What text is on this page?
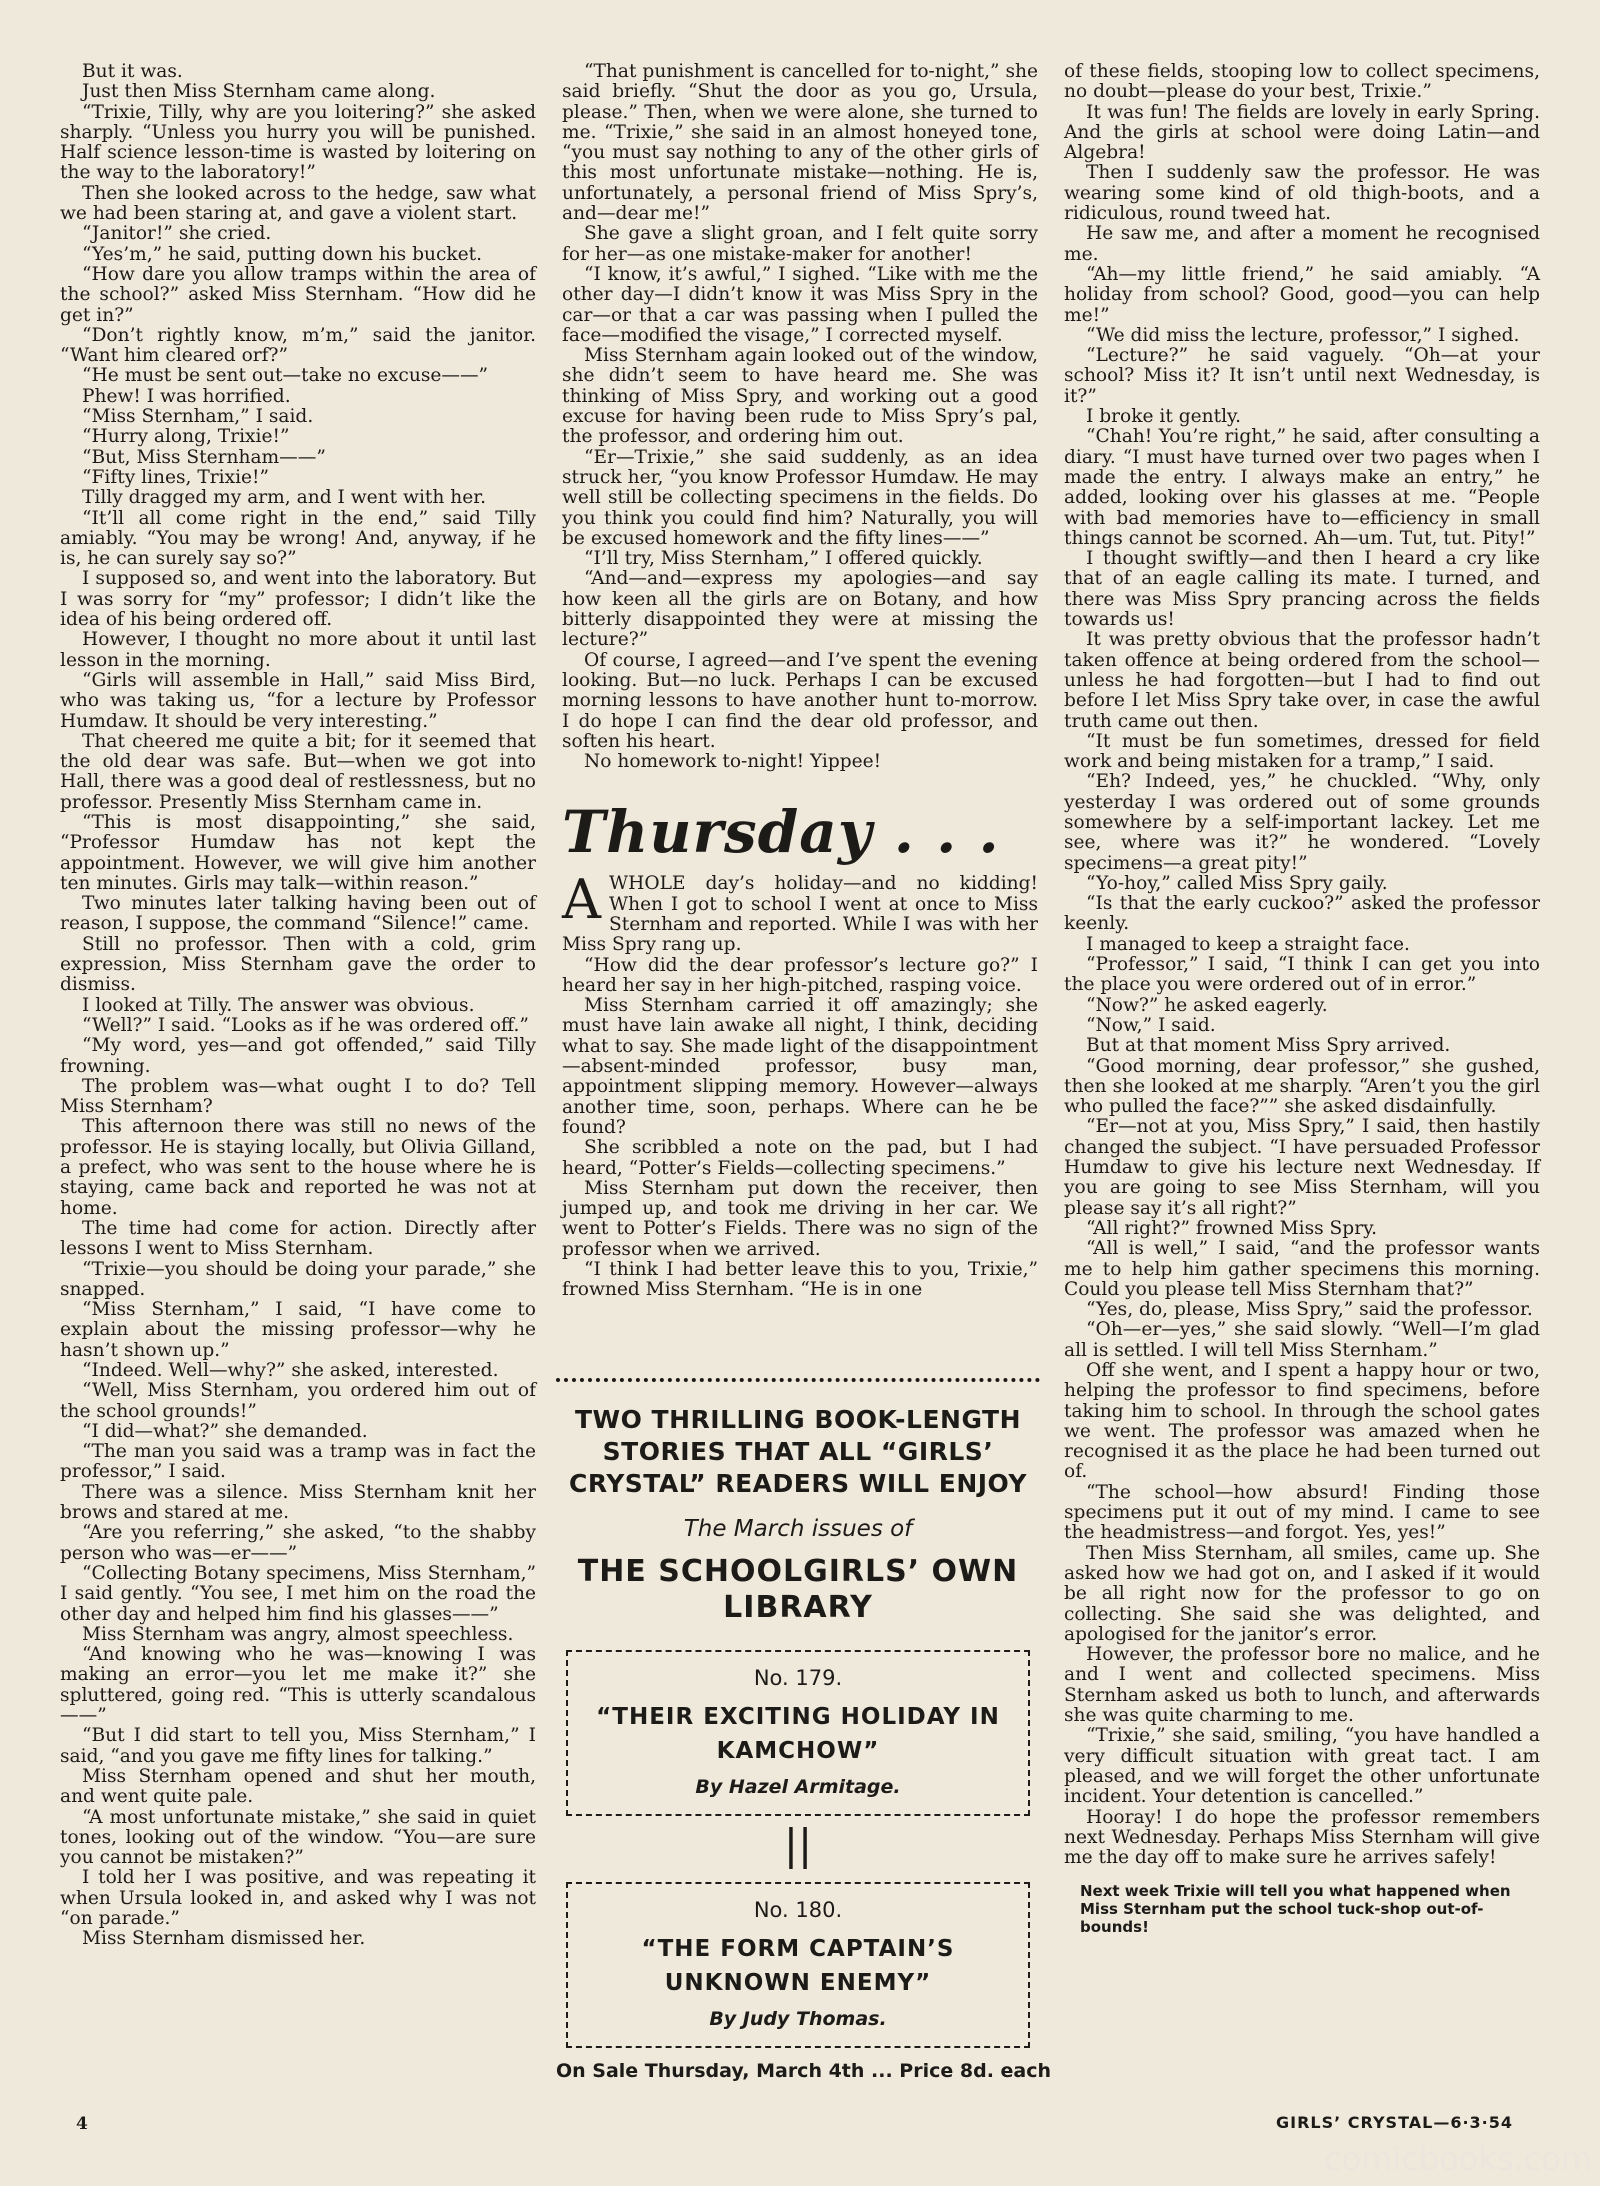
But it was.

Just then Miss Sternham came along.

“Trixie, Tilly, why are you loitering?” she asked sharply. “Unless you hurry you will be punished. Half science lesson-time is wasted by loitering on the way to the laboratory!”

Then she looked across to the hedge, saw what we had been staring at, and gave a violent start.

“Janitor!” she cried.

“Yes’m,” he said, putting down his bucket.

“How dare you allow tramps within the area of the school?” asked Miss Sternham. “How did he get in?”

“Don’t rightly know, m’m,” said the janitor. “Want him cleared orf?”

“He must be sent out—take no excuse——”

Phew! I was horrified.

“Miss Sternham,” I said.

“Hurry along, Trixie!”

“But, Miss Sternham——”

“Fifty lines, Trixie!”

Tilly dragged my arm, and I went with her.

“It’ll all come right in the end,” said Tilly amiably. “You may be wrong! And, anyway, if he is, he can surely say so?”

I supposed so, and went into the laboratory. But I was sorry for “my” professor; I didn’t like the idea of his being ordered off.

However, I thought no more about it until last lesson in the morning.

“Girls will assemble in Hall,” said Miss Bird, who was taking us, “for a lecture by Professor Humdaw. It should be very interesting.”

That cheered me quite a bit; for it seemed that the old dear was safe. But—when we got into Hall, there was a good deal of restlessness, but no professor. Presently Miss Sternham came in.

“This is most disappointing,” she said, “Professor Humdaw has not kept the appointment. However, we will give him another ten minutes. Girls may talk—within reason.”

Two minutes later talking having been out of reason, I suppose, the command “Silence!” came.

Still no professor. Then with a cold, grim expression, Miss Sternham gave the order to dismiss.

I looked at Tilly. The answer was obvious.

“Well?” I said. “Looks as if he was ordered off.”

“My word, yes—and got offended,” said Tilly frowning.

The problem was—what ought I to do? Tell Miss Sternham?

This afternoon there was still no news of the professor. He is staying locally, but Olivia Gilland, a prefect, who was sent to the house where he is staying, came back and reported he was not at home.

The time had come for action. Directly after lessons I went to Miss Sternham.

“Trixie—you should be doing your parade,” she snapped.

“Miss Sternham,” I said, “I have come to explain about the missing professor—why he hasn’t shown up.”

“Indeed. Well—why?” she asked, interested.

“Well, Miss Sternham, you ordered him out of the school grounds!”

“I did—what?” she demanded.

“The man you said was a tramp was in fact the professor,” I said.

There was a silence. Miss Sternham knit her brows and stared at me.

“Are you referring,” she asked, “to the shabby person who was—er——”

“Collecting Botany specimens, Miss Sternham,” I said gently. “You see, I met him on the road the other day and helped him find his glasses——”

Miss Sternham was angry, almost speechless.

“And knowing who he was—knowing I was making an error—you let me make it?” she spluttered, going red. “This is utterly scandalous——”

“But I did start to tell you, Miss Sternham,” I said, “and you gave me fifty lines for talking.”

Miss Sternham opened and shut her mouth, and went quite pale.

“A most unfortunate mistake,” she said in quiet tones, looking out of the window. “You—are sure you cannot be mistaken?”

I told her I was positive, and was repeating it when Ursula looked in, and asked why I was not “on parade.”

Miss Sternham dismissed her.

“That punishment is cancelled for to-night,” she said briefly. “Shut the door as you go, Ursula, please.” Then, when we were alone, she turned to me. “Trixie,” she said in an almost honeyed tone, “you must say nothing to any of the other girls of this most unfortunate mistake—nothing. He is, unfortunately, a personal friend of Miss Spry’s, and—dear me!”

She gave a slight groan, and I felt quite sorry for her—as one mistake-maker for another!

“I know, it’s awful,” I sighed. “Like with me the other day—I didn’t know it was Miss Spry in the car—or that a car was passing when I pulled the face—modified the visage,” I corrected myself.

Miss Sternham again looked out of the window, she didn’t seem to have heard me. She was thinking of Miss Spry, and working out a good excuse for having been rude to Miss Spry’s pal, the professor, and ordering him out.

“Er—Trixie,” she said suddenly, as an idea struck her, “you know Professor Humdaw. He may well still be collecting specimens in the fields. Do you think you could find him? Naturally, you will be excused homework and the fifty lines——”

“I’ll try, Miss Sternham,” I offered quickly.

“And—and—express my apologies—and say how keen all the girls are on Botany, and how bitterly disappointed they were at missing the lecture?”

Of course, I agreed—and I’ve spent the evening looking. But—no luck. Perhaps I can be excused morning lessons to have another hunt to-morrow. I do hope I can find the dear old professor, and soften his heart.

No homework to-night! Yippee!

Thursday . . .

AWHOLE day’s holiday—and no kidding! When I got to school I went at once to Miss Sternham and reported. While I was with her Miss Spry rang up.

“How did the dear professor’s lecture go?” I heard her say in her high-pitched, rasping voice.

Miss Sternham carried it off amazingly; she must have lain awake all night, I think, deciding what to say. She made light of the disappointment—absent-minded professor, busy man, appointment slipping memory. However—always another time, soon, perhaps. Where can he be found?

She scribbled a note on the pad, but I had heard, “Potter’s Fields—collecting specimens.”

Miss Sternham put down the receiver, then jumped up, and took me driving in her car. We went to Potter’s Fields. There was no sign of the professor when we arrived.

“I think I had better leave this to you, Trixie,” frowned Miss Sternham. “He is in one

TWO THRILLING BOOK-LENGTH STORIES THAT ALL “GIRLS’ CRYSTAL” READERS WILL ENJOY
The March issues of
THE SCHOOLGIRLS’ OWN LIBRARY
No. 179.
“THEIR EXCITING HOLIDAY IN KAMCHOW”
By Hazel Armitage.
||
No. 180.
“THE FORM CAPTAIN’S UNKNOWN ENEMY”
By Judy Thomas.
On Sale Thursday, March 4th ... Price 8d. each

of these fields, stooping low to collect specimens, no doubt—please do your best, Trixie.”

It was fun! The fields are lovely in early Spring. And the girls at school were doing Latin—and Algebra!

Then I suddenly saw the professor. He was wearing some kind of old thigh-boots, and a ridiculous, round tweed hat.

He saw me, and after a moment he recognised me.

“Ah—my little friend,” he said amiably. “A holiday from school? Good, good—you can help me!”

“We did miss the lecture, professor,” I sighed.

“Lecture?” he said vaguely. “Oh—at your school? Miss it? It isn’t until next Wednesday, is it?”

I broke it gently.

“Chah! You’re right,” he said, after consulting a diary. “I must have turned over two pages when I made the entry. I always make an entry,” he added, looking over his glasses at me. “People with bad memories have to—efficiency in small things cannot be scorned. Ah—um. Tut, tut. Pity!”

I thought swiftly—and then I heard a cry like that of an eagle calling its mate. I turned, and there was Miss Spry prancing across the fields towards us!

It was pretty obvious that the professor hadn’t taken offence at being ordered from the school—unless he had forgotten—but I had to find out before I let Miss Spry take over, in case the awful truth came out then.

“It must be fun sometimes, dressed for field work and being mistaken for a tramp,” I said.

“Eh? Indeed, yes,” he chuckled. “Why, only yesterday I was ordered out of some grounds somewhere by a self-important lackey. Let me see, where was it?” he wondered. “Lovely specimens—a great pity!”

“Yo-hoy,” called Miss Spry gaily.

“Is that the early cuckoo?” asked the professor keenly.

I managed to keep a straight face.

“Professor,” I said, “I think I can get you into the place you were ordered out of in error.”

“Now?” he asked eagerly.

“Now,” I said.

But at that moment Miss Spry arrived.

“Good morning, dear professor,” she gushed, then she looked at me sharply. “Aren’t you the girl who pulled the face?”” she asked disdainfully.

“Er—not at you, Miss Spry,” I said, then hastily changed the subject. “I have persuaded Professor Humdaw to give his lecture next Wednesday. If you are going to see Miss Sternham, will you please say it’s all right?”

“All right?” frowned Miss Spry.

“All is well,” I said, “and the professor wants me to help him gather specimens this morning. Could you please tell Miss Sternham that?”

“Yes, do, please, Miss Spry,” said the professor.

“Oh—er—yes,” she said slowly. “Well—I’m glad all is settled. I will tell Miss Sternham.”

Off she went, and I spent a happy hour or two, helping the professor to find specimens, before taking him to school. In through the school gates we went. The professor was amazed when he recognised it as the place he had been turned out of.

“The school—how absurd! Finding those specimens put it out of my mind. I came to see the headmistress—and forgot. Yes, yes!”

Then Miss Sternham, all smiles, came up. She asked how we had got on, and I asked if it would be all right now for the professor to go on collecting. She said she was delighted, and apologised for the janitor’s error.

However, the professor bore no malice, and he and I went and collected specimens. Miss Sternham asked us both to lunch, and afterwards she was quite charming to me.

“Trixie,” she said, smiling, “you have handled a very difficult situation with great tact. I am pleased, and we will forget the other unfortunate incident. Your detention is cancelled.”

Hooray! I do hope the professor remembers next Wednesday. Perhaps Miss Sternham will give me the day off to make sure he arrives safely!

Next week Trixie will tell you what happened when Miss Sternham put the school tuck-shop out-of-bounds!
4	GIRLS’ CRYSTAL—6·3·54
comicbooks.com
